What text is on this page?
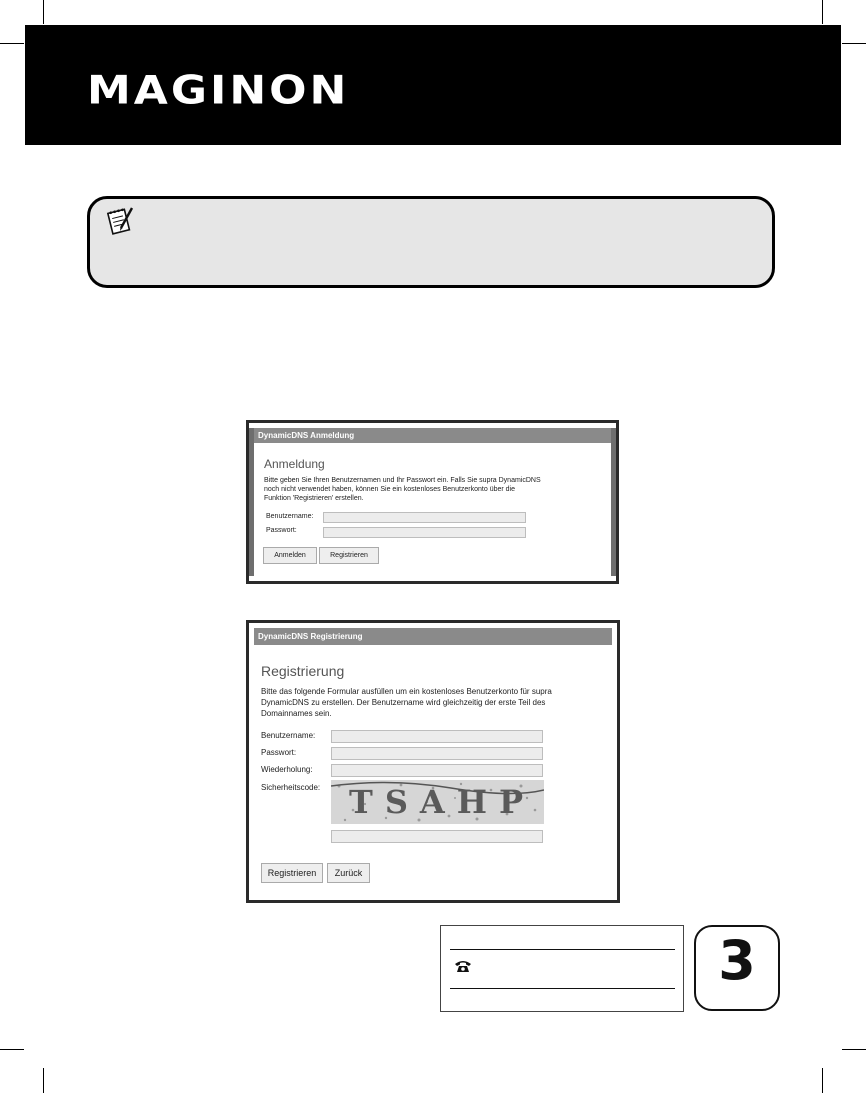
MAGINON
DynamicDNS Anmeldung
Anmeldung
Bitte geben Sie Ihren Benutzernamen und Ihr Passwort ein. Falls Sie supra DynamicDNS
noch nicht verwendet haben, können Sie ein kostenloses Benutzerkonto über die
Funktion 'Registrieren' erstellen.
Benutzername:
Passwort:
Anmelden	Registrieren
DynamicDNS Registrierung
Registrierung
Bitte das folgende Formular ausfüllen um ein kostenloses Benutzerkonto für supra
DynamicDNS zu erstellen. Der Benutzername wird gleichzeitig der erste Teil des
Domainnames sein.
Benutzername:
Passwort:
Wiederholung:
Sicherheitscode: TSAHP
Registrieren	Zurück
3
